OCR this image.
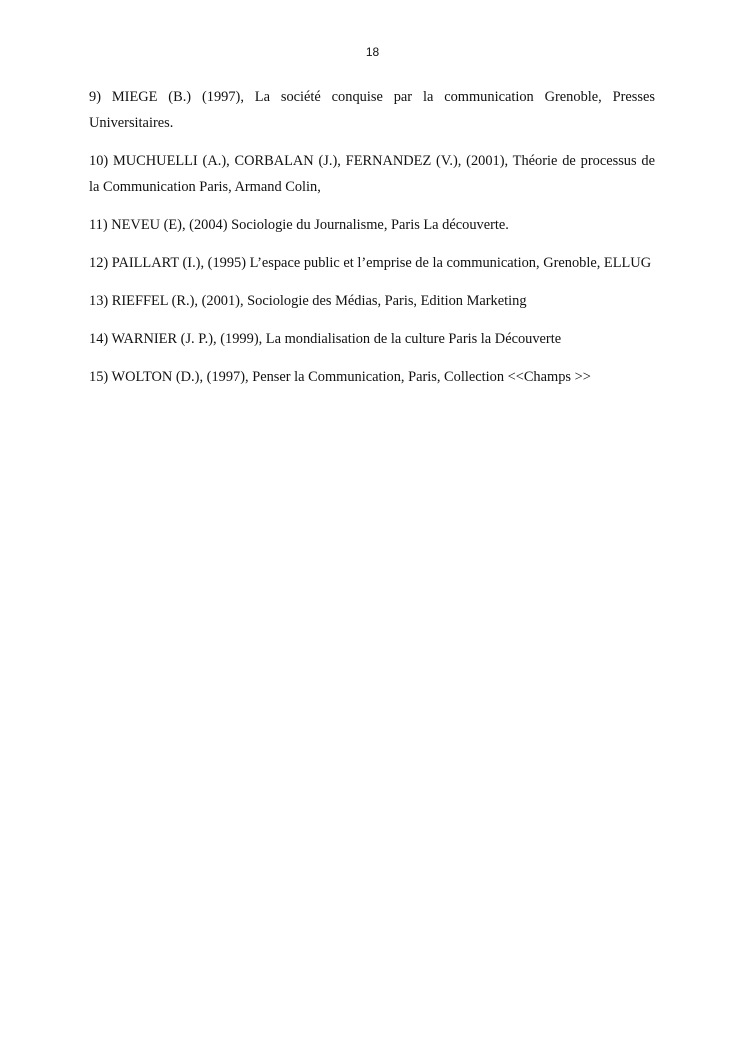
18

9) MIEGE (B.) (1997), La société conquise par la communication Grenoble, Presses Universitaires.

10) MUCHUELLI (A.), CORBALAN (J.), FERNANDEZ (V.), (2001), Théorie de processus de la Communication Paris, Armand Colin,

11) NEVEU (E), (2004) Sociologie du Journalisme, Paris La découverte.

12) PAILLART (I.), (1995) L’espace public et l’emprise de la communication, Grenoble, ELLUG

13) RIEFFEL (R.), (2001), Sociologie des Médias, Paris, Edition Marketing

14) WARNIER (J. P.), (1999), La mondialisation de la culture Paris la Découverte

15) WOLTON (D.), (1997), Penser la Communication, Paris, Collection <<Champs >>
